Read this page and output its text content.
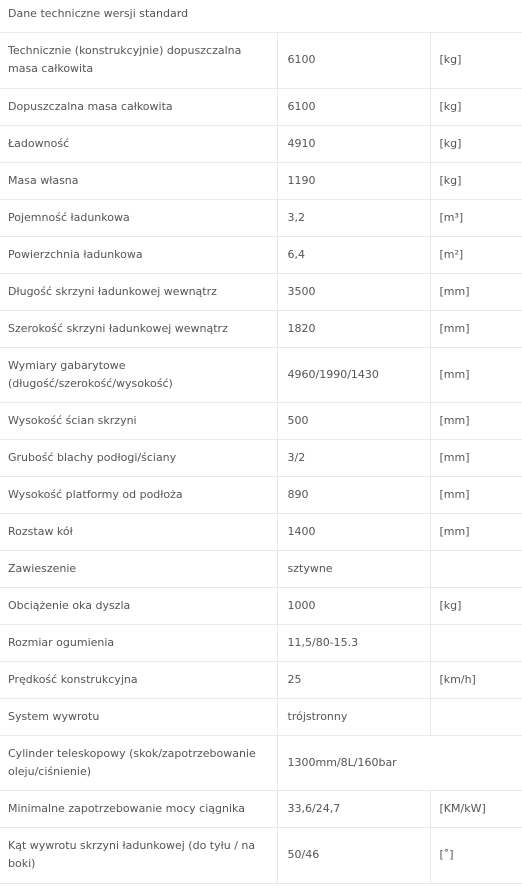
Dane techniczne wersji standard
Technicznie (konstrukcyjnie) dopuszczalna masa całkowita	6100	[kg]
Dopuszczalna masa całkowita	6100	[kg]
Ładowność	4910	[kg]
Masa własna	1190	[kg]
Pojemność ładunkowa	3,2	[m³]
Powierzchnia ładunkowa	6,4	[m²]
Długość skrzyni ładunkowej wewnątrz	3500	[mm]
Szerokość skrzyni ładunkowej wewnątrz	1820	[mm]
Wymiary gabarytowe (długość/szerokość/wysokość)	4960/1990/1430	[mm]
Wysokość ścian skrzyni	500	[mm]
Grubość blachy podłogi/ściany	3/2	[mm]
Wysokość platformy od podłoża	890	[mm]
Rozstaw kół	1400	[mm]
Zawieszenie	sztywne	
Obciążenie oka dyszla	1000	[kg]
Rozmiar ogumienia	11,5/80-15.3	
Prędkość konstrukcyjna	25	[km/h]
System wywrotu	trójstronny	
Cylinder teleskopowy (skok/zapotrzebowanie oleju/ciśnienie)	1300mm/8L/160bar	
Minimalne zapotrzebowanie mocy ciągnika	33,6/24,7	[KM/kW]
Kąt wywrotu skrzyni ładunkowej (do tyłu / na boki)	50/46	[˚]
